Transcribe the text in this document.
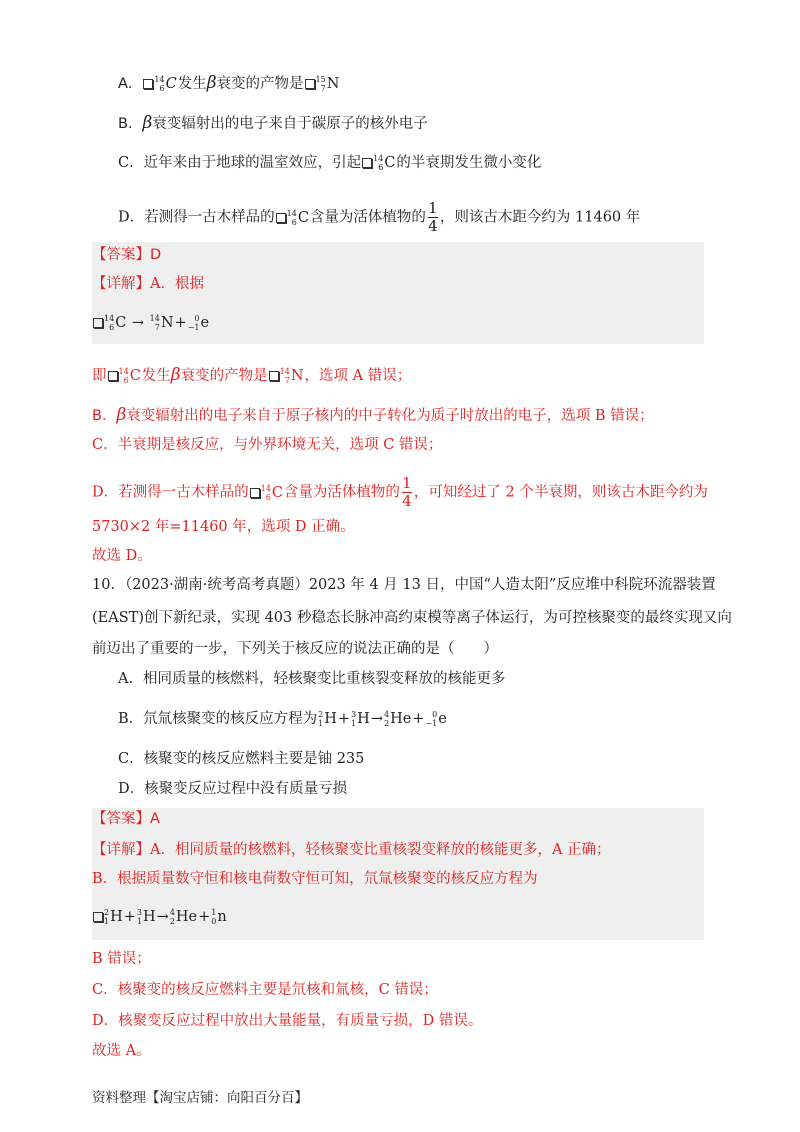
A． 14
6 C发生β衰变的产物是 15
7 N
B．β衰变辐射出的电子来自于碳原子的核外电子
C．近年来由于地球的温室效应，引起 14
6 C的半衰期发生微小变化
D．若测得一古木样品的 14
6 C含量为活体植物的 $\frac{1}{4}$ ，则该古木距今约为 11460 年
【答案】D
【详解】A．根据
14
6 C → 14
7 N+ 0
−1 e
即 14
6 C发生β衰变的产物是 14
7 N，选项 A 错误；
B．β衰变辐射出的电子来自于原子核内的中子转化为质子时放出的电子，选项 B 错误；
C．半衰期是核反应，与外界环境无关，选项 C 错误；
D．若测得一古木样品的 14
6 C含量为活体植物的 $\frac{1}{4}$ ，可知经过了 2 个半衰期，则该古木距今约为
5730×2 年=11460 年，选项 D 正确。
故选 D。
10．（2023·湖南·统考高考真题）2023 年 4 月 13 日，中国“人造太阳”反应堆中科院环流器装置
(EAST)创下新纪录，实现 403 秒稳态长脉冲高约束模等离子体运行，为可控核聚变的最终实现又向
前迈出了重要的一步，下列关于核反应的说法正确的是（　　）
A．相同质量的核燃料，轻核聚变比重核裂变释放的核能更多
B．氘氚核聚变的核反应方程为 2
1 H+ 3
1 H→ 4
2 He+ 0
−1 e
C．核聚变的核反应燃料主要是铀 235
D．核聚变反应过程中没有质量亏损
【答案】A
【详解】A．相同质量的核燃料，轻核聚变比重核裂变释放的核能更多，A 正确；
B．根据质量数守恒和核电荷数守恒可知，氘氚核聚变的核反应方程为
2
1 H+ 3
1 H→ 4
2 He+ 1
0 n
B 错误；
C．核聚变的核反应燃料主要是氘核和氚核，C 错误；
D．核聚变反应过程中放出大量能量，有质量亏损，D 错误。
故选 A。
资料整理【淘宝店铺：向阳百分百】
